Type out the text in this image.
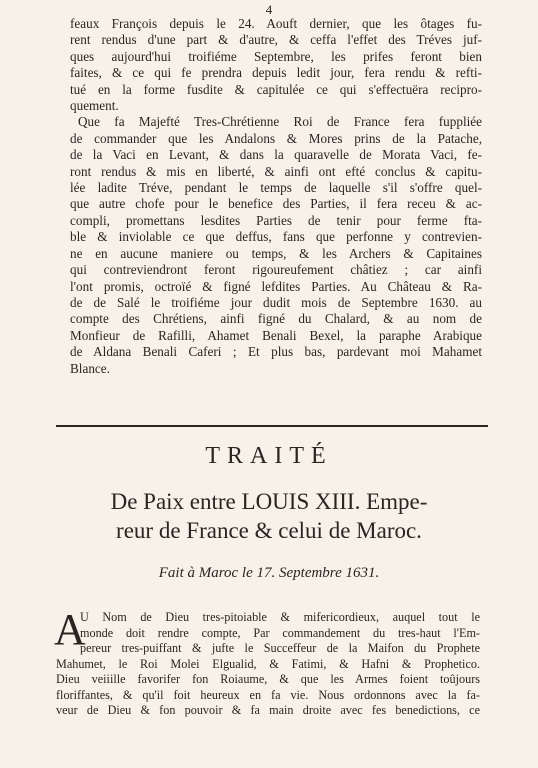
4
feaux François depuis le 24. Aouft dernier, que les ôtages fu-
rent rendus d'une part & d'autre, & ceffa l'effet des Tréves juf-
ques aujourd'hui troifiéme Septembre, les prifes feront bien
faites, & ce qui fe prendra depuis ledit jour, fera rendu & refti-
tué en la forme fusdite & capitulée ce qui s'effectuëra recipro-
quement.
Que fa Majefté Tres-Chrétienne Roi de France fera fuppliée
de commander que les Andalons & Mores prins de la Patache,
de la Vaci en Levant, & dans la quaravelle de Morata Vaci, fe-
ront rendus & mis en liberté, & ainfi ont efté conclus & capitu-
lée ladite Tréve, pendant le temps de laquelle s'il s'offre quel-
que autre chofe pour le benefice des Parties, il fera receu & ac-
compli, promettans lesdites Parties de tenir pour ferme fta-
ble & inviolable ce que deffus, fans que perfonne y contrevien-
ne en aucune maniere ou temps, & les Archers & Capitaines
qui contreviendront feront rigoureufement châtiez ; car ainfi
l'ont promis, octroïé & figné lefdites Parties. Au Château & Ra-
de de Salé le troifiéme jour dudit mois de Septembre 1630. au
compte des Chrétiens, ainfi figné du Chalard, & au nom de
Monfieur de Rafilli, Ahamet Benali Bexel, la paraphe Arabique
de Aldana Benali Caferi ; Et plus bas, pardevant moi Mahamet
Blance.
TRAITÉ
De Paix entre LOUIS XIII. Empe-
reur de France & celui de Maroc.
Fait à Maroc le 17. Septembre 1631.
A
U Nom de Dieu tres-pitoiable & mifericordieux, auquel tout le
monde doit rendre compte, Par commandement du tres-haut l'Em-
pereur tres-puiffant & jufte le Succeffeur de la Maifon du Prophete
Mahumet, le Roi Molei Elgualid, & Fatimi, & Hafni & Prophetico.
Dieu veiiille favorifer fon Roiaume, & que les Armes foient toûjours
floriffantes, & qu'il foit heureux en fa vie. Nous ordonnons avec la fa-
veur de Dieu & fon pouvoir & fa main droite avec fes benedictions, ce
